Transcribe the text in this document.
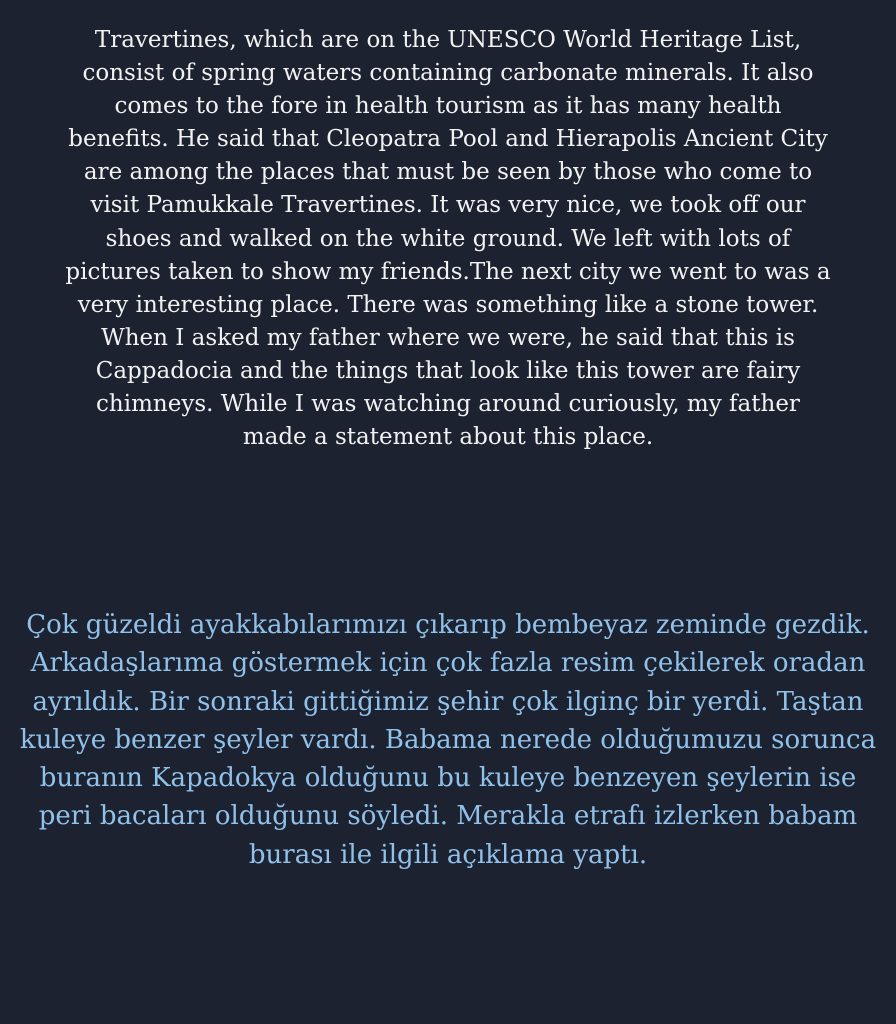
Travertines, which are on the UNESCO World Heritage List, consist of spring waters containing carbonate minerals. It also comes to the fore in health tourism as it has many health benefits. He said that Cleopatra Pool and Hierapolis Ancient City are among the places that must be seen by those who come to visit Pamukkale Travertines. It was very nice, we took off our shoes and walked on the white ground. We left with lots of pictures taken to show my friends.The next city we went to was a very interesting place. There was something like a stone tower. When I asked my father where we were, he said that this is Cappadocia and the things that look like this tower are fairy chimneys. While I was watching around curiously, my father made a statement about this place.

Çok güzeldi ayakkabılarımızı çıkarıp bembeyaz zeminde gezdik. Arkadaşlarıma göstermek için çok fazla resim çekilerek oradan ayrıldık. Bir sonraki gittiğimiz şehir çok ilginç bir yerdi. Taştan kuleye benzer şeyler vardı. Babama nerede olduğumuzu sorunca buranın Kapadokya olduğunu bu kuleye benzeyen şeylerin ise peri bacaları olduğunu söyledi. Merakla etrafı izlerken babam burası ile ilgili açıklama yaptı.
